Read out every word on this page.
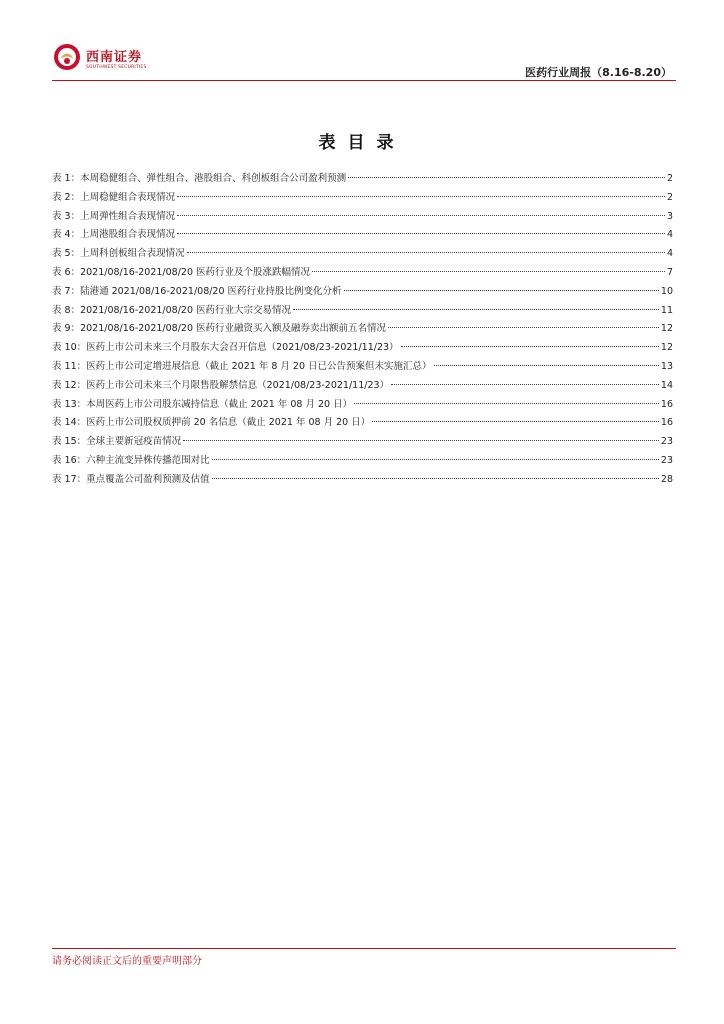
西南证券
SOUTHWEST SECURITIES	医药行业周报（8.16-8.20）
表目录
表 1：本周稳健组合、弹性组合、港股组合、科创板组合公司盈利预测	2
表 2：上周稳健组合表现情况	2
表 3：上周弹性组合表现情况	3
表 4：上周港股组合表现情况	4
表 5：上周科创板组合表现情况	4
表 6：2021/08/16-2021/08/20 医药行业及个股涨跌幅情况	7
表 7：陆港通 2021/08/16-2021/08/20 医药行业持股比例变化分析	10
表 8：2021/08/16-2021/08/20 医药行业大宗交易情况	11
表 9：2021/08/16-2021/08/20 医药行业融资买入额及融券卖出额前五名情况	12
表 10：医药上市公司未来三个月股东大会召开信息（2021/08/23-2021/11/23）	12
表 11：医药上市公司定增进展信息（截止 2021 年 8 月 20 日已公告预案但未实施汇总）	13
表 12：医药上市公司未来三个月限售股解禁信息（2021/08/23-2021/11/23）	14
表 13：本周医药上市公司股东减持信息（截止 2021 年 08 月 20 日）	16
表 14：医药上市公司股权质押前 20 名信息（截止 2021 年 08 月 20 日）	16
表 15：全球主要新冠疫苗情况	23
表 16：六种主流变异株传播范围对比	23
表 17：重点覆盖公司盈利预测及估值	28
请务必阅读正文后的重要声明部分
